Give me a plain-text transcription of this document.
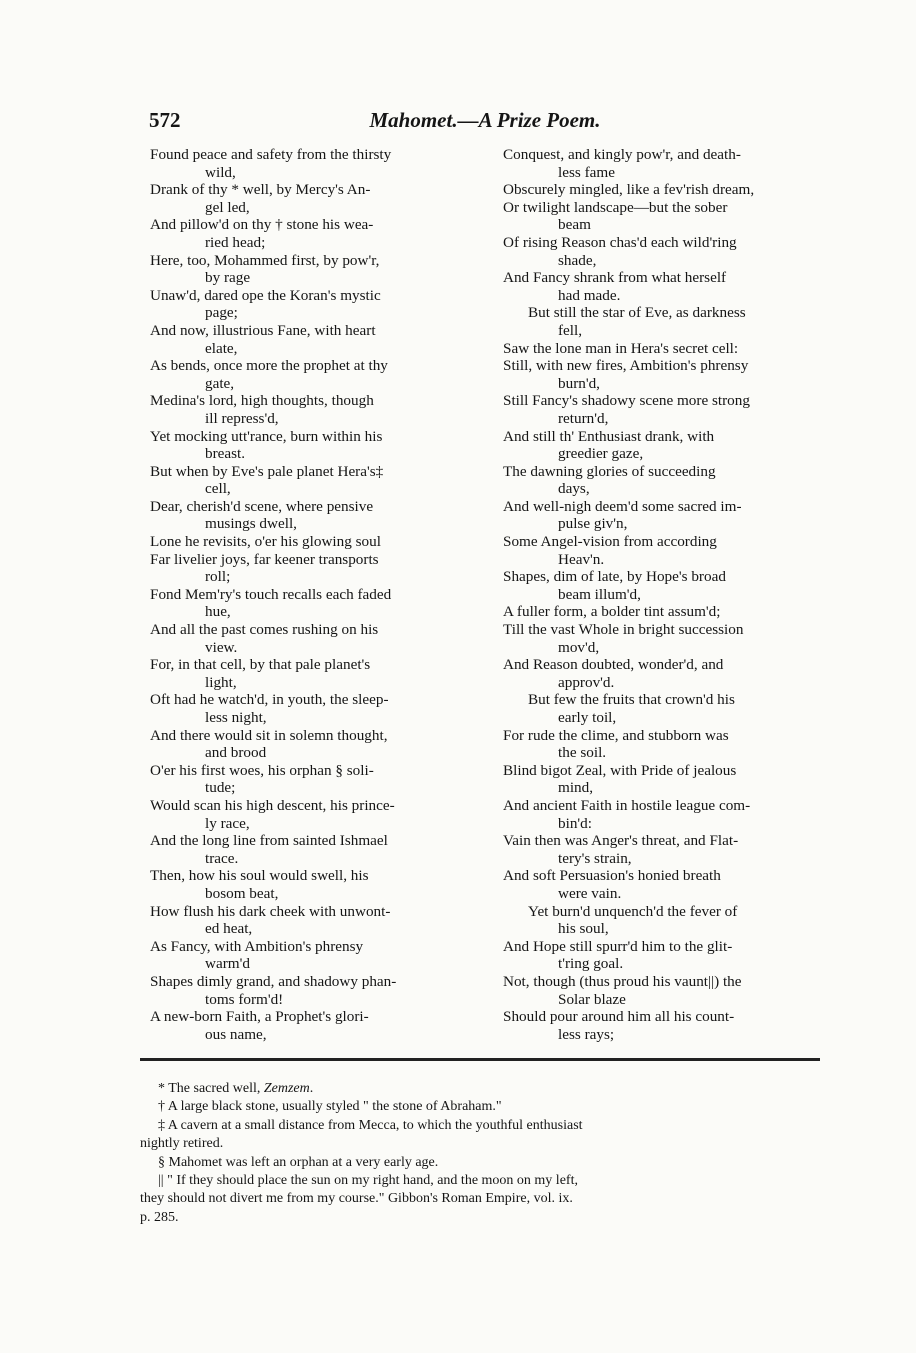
572	Mahomet.—A Prize Poem.
Found peace and safety from the thirsty
wild,
Drank of thy * well, by Mercy's An-
gel led,
And pillow'd on thy † stone his wea-
ried head;
Here, too, Mohammed first, by pow'r,
by rage
Unaw'd, dared ope the Koran's mystic
page;
And now, illustrious Fane, with heart
elate,
As bends, once more the prophet at thy
gate,
Medina's lord, high thoughts, though
ill repress'd,
Yet mocking utt'rance, burn within his
breast.
But when by Eve's pale planet Hera's‡
cell,
Dear, cherish'd scene, where pensive
musings dwell,
Lone he revisits, o'er his glowing soul
Far livelier joys, far keener transports
roll;
Fond Mem'ry's touch recalls each faded
hue,
And all the past comes rushing on his
view.
For, in that cell, by that pale planet's
light,
Oft had he watch'd, in youth, the sleep-
less night,
And there would sit in solemn thought,
and brood
O'er his first woes, his orphan § soli-
tude;
Would scan his high descent, his prince-
ly race,
And the long line from sainted Ishmael
trace.
Then, how his soul would swell, his
bosom beat,
How flush his dark cheek with unwont-
ed heat,
As Fancy, with Ambition's phrensy
warm'd
Shapes dimly grand, and shadowy phan-
toms form'd!
A new-born Faith, a Prophet's glori-
ous name,
Conquest, and kingly pow'r, and death-
less fame
Obscurely mingled, like a fev'rish dream,
Or twilight landscape—but the sober
beam
Of rising Reason chas'd each wild'ring
shade,
And Fancy shrank from what herself
had made.
But still the star of Eve, as darkness
fell,
Saw the lone man in Hera's secret cell:
Still, with new fires, Ambition's phrensy
burn'd,
Still Fancy's shadowy scene more strong
return'd,
And still th' Enthusiast drank, with
greedier gaze,
The dawning glories of succeeding
days,
And well-nigh deem'd some sacred im-
pulse giv'n,
Some Angel-vision from according
Heav'n.
Shapes, dim of late, by Hope's broad
beam illum'd,
A fuller form, a bolder tint assum'd;
Till the vast Whole in bright succession
mov'd,
And Reason doubted, wonder'd, and
approv'd.
But few the fruits that crown'd his
early toil,
For rude the clime, and stubborn was
the soil.
Blind bigot Zeal, with Pride of jealous
mind,
And ancient Faith in hostile league com-
bin'd:
Vain then was Anger's threat, and Flat-
tery's strain,
And soft Persuasion's honied breath
were vain.
Yet burn'd unquench'd the fever of
his soul,
And Hope still spurr'd him to the glit-
t'ring goal.
Not, though (thus proud his vaunt||) the
Solar blaze
Should pour around him all his count-
less rays;
* The sacred well, Zemzem.
† A large black stone, usually styled " the stone of Abraham."
‡ A cavern at a small distance from Mecca, to which the youthful enthusiast
nightly retired.
§ Mahomet was left an orphan at a very early age.
|| " If they should place the sun on my right hand, and the moon on my left,
they should not divert me from my course." Gibbon's Roman Empire, vol. ix.
p. 285.
